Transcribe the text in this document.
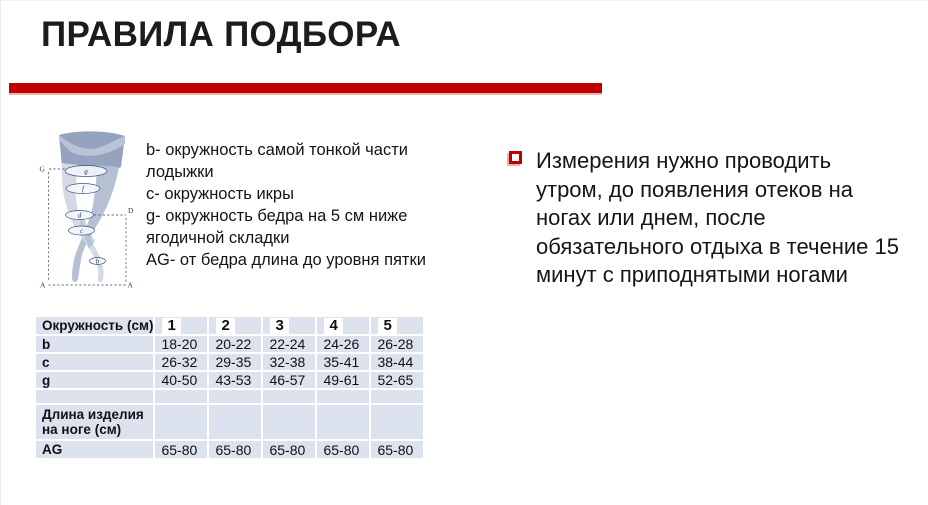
ПРАВИЛА ПОДБОРА
G
D
A	A
g
f
d
c
b
b- окружность самой тонкой части
лодыжки
c- окружность икры
g- окружность бедра на 5 см ниже
ягодичной складки
AG- от бедра длина до уровня пятки
Измерения нужно проводить
утром, до появления отеков на
ногах или днем, после
обязательного отдыха в течение 15
минут с приподнятыми ногами
Окружность (см)	1	2	3	4	5
b	18-20	20-22	22-24	24-26	26-28
c	26-32	29-35	32-38	35-41	38-44
g	40-50	43-53	46-57	49-61	52-65

Длина изделия на ноге (см)					
AG	65-80	65-80	65-80	65-80	65-80
